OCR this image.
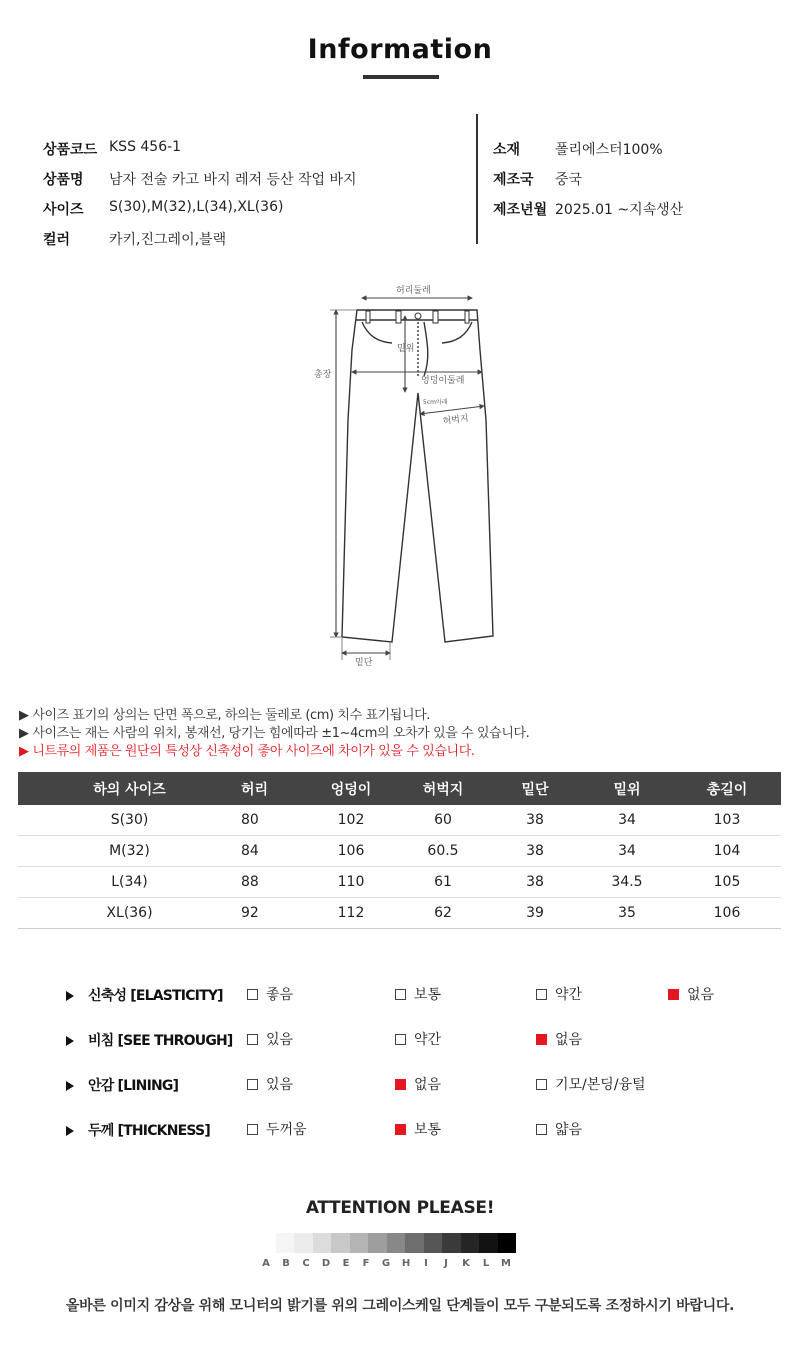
Information
상품코드 KSS 456-1
상품명 남자 전술 카고 바지 레저 등산 작업 바지
사이즈 S(30),M(32),L(34),XL(36)
컬러	카키,진그레이,블랙
소재 폴리에스터100%
제조국 중국
제조년월 2025.01 ~지속생산
허리둘레
밑위
엉덩이둘레
5cm아래
허벅지
총장
밑단
▶ 사이즈 표기의 상의는 단면 폭으로, 하의는 둘레로 (cm) 치수 표기됩니다.
▶ 사이즈는 재는 사람의 위치, 봉재선, 당기는 힘에따라 ±1~4cm의 오차가 있을 수 있습니다.
▶ 니트류의 제품은 원단의 특성상 신축성이 좋아 사이즈에 차이가 있을 수 있습니다.
하의 사이즈	허리	엉덩이	허벅지	밑단	밑위	총길이
S(30)	80	102	60	38	34	103
M(32)	84	106	60.5	38	34	104
L(34)	88	110	61	38	34.5	105
XL(36)	92	112	62	39	35	106
신축성 [ELASTICITY]	좋음	보통	약간	없음
비침 [SEE THROUGH]	있음	약간	없음
안감 [LINING]	있음	없음	기모/본딩/융털
두께 [THICKNESS]	두꺼움	보통	얇음
ATTENTION PLEASE!
A	B	C	D	E	F	G	H	I	J	K	L	M
올바른 이미지 감상을 위해 모니터의 밝기를 위의 그레이스케일 단계들이 모두 구분되도록 조정하시기 바랍니다.
